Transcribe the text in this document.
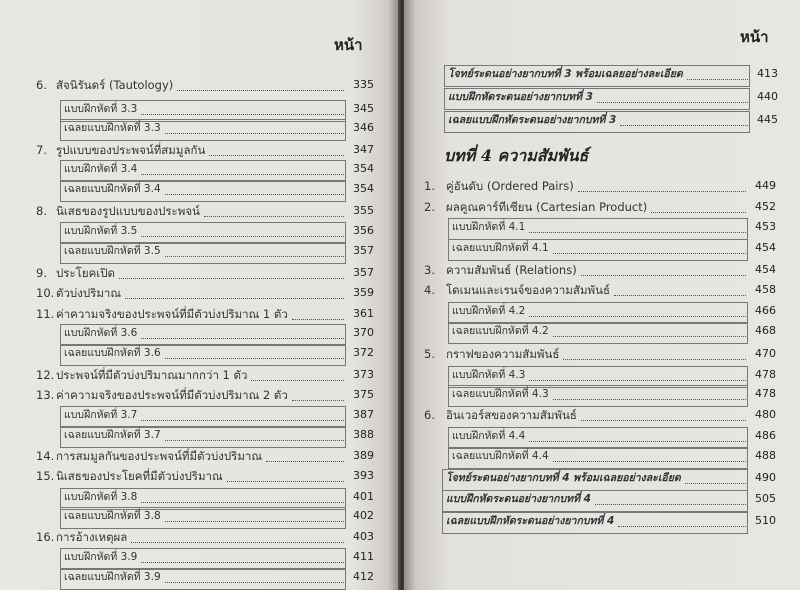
หน้า
6. สัจนิรันดร์ (Tautology)	335
แบบฝึกหัดที่ 3.3	345
เฉลยแบบฝึกหัดที่ 3.3	346
7. รูปแบบของประพจน์ที่สมมูลกัน	347
แบบฝึกหัดที่ 3.4	354
เฉลยแบบฝึกหัดที่ 3.4	354
8. นิเสธของรูปแบบของประพจน์	355
แบบฝึกหัดที่ 3.5	356
เฉลยแบบฝึกหัดที่ 3.5	357
9. ประโยคเปิด	357
10. ตัวบ่งปริมาณ	359
11. ค่าความจริงของประพจน์ที่มีตัวบ่งปริมาณ 1 ตัว	361
แบบฝึกหัดที่ 3.6	370
เฉลยแบบฝึกหัดที่ 3.6	372
12. ประพจน์ที่มีตัวบ่งปริมาณมากกว่า 1 ตัว	373
13. ค่าความจริงของประพจน์ที่มีตัวบ่งปริมาณ 2 ตัว	375
แบบฝึกหัดที่ 3.7	387
เฉลยแบบฝึกหัดที่ 3.7	388
14. การสมมูลกันของประพจน์ที่มีตัวบ่งปริมาณ	389
15. นิเสธของประโยคที่มีตัวบ่งปริมาณ	393
แบบฝึกหัดที่ 3.8	401
เฉลยแบบฝึกหัดที่ 3.8	402
16. การอ้างเหตุผล	403
แบบฝึกหัดที่ 3.9	411
เฉลยแบบฝึกหัดที่ 3.9	412
หน้า
โจทย์ระดนอย่างยากบทที่ 3 พร้อมเฉลยอย่างละเอียด	413
แบบฝึกหัดระดนอย่างยากบทที่ 3	440
เฉลยแบบฝึกหัดระดนอย่างยากบทที่ 3	445
บทที่ 4 ความสัมพันธ์
1. คู่อันดับ (Ordered Pairs)	449
2. ผลคูณคาร์ทีเซียน (Cartesian Product)	452
แบบฝึกหัดที่ 4.1	453
เฉลยแบบฝึกหัดที่ 4.1	454
3. ความสัมพันธ์ (Relations)	454
4. โดเมนและเรนจ์ของความสัมพันธ์	458
แบบฝึกหัดที่ 4.2	466
เฉลยแบบฝึกหัดที่ 4.2	468
5. กราฟของความสัมพันธ์	470
แบบฝึกหัดที่ 4.3	478
เฉลยแบบฝึกหัดที่ 4.3	478
6. อินเวอร์สของความสัมพันธ์	480
แบบฝึกหัดที่ 4.4	486
เฉลยแบบฝึกหัดที่ 4.4	488
โจทย์ระดนอย่างยากบทที่ 4 พร้อมเฉลยอย่างละเอียด	490
แบบฝึกหัดระดนอย่างยากบทที่ 4	505
เฉลยแบบฝึกหัดระดนอย่างยากบทที่ 4	510
